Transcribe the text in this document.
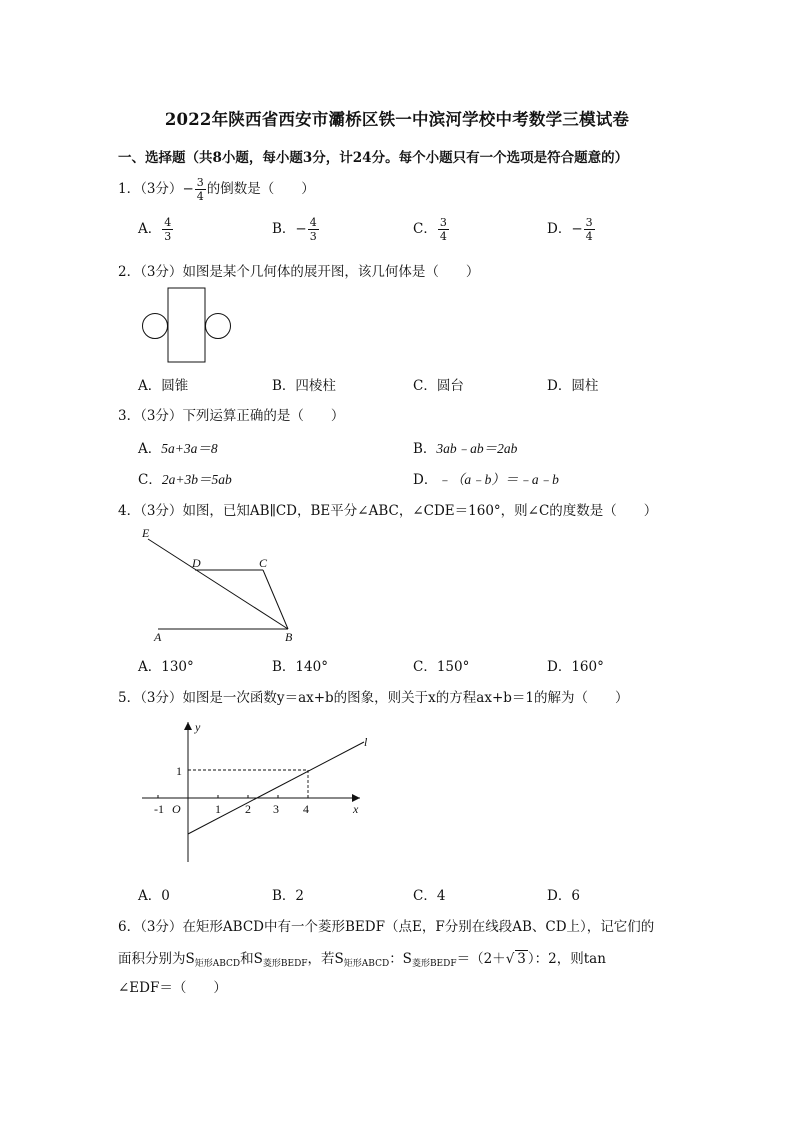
2022年陕西省西安市灞桥区铁一中滨河学校中考数学三模试卷
一、选择题（共8小题，每小题3分，计24分。每个小题只有一个选项是符合题意的）
1．（3分）− $\frac{3}{4}$ 的倒数是（　　）
A． $\frac{4}{3}$	B．− $\frac{4}{3}$	C． $\frac{3}{4}$	D．− $\frac{3}{4}$
2．（3分）如图是某个几何体的展开图，该几何体是（　　）
A．圆锥	B．四棱柱	C．圆台	D．圆柱
3．（3分）下列运算正确的是（　　）
A．5a+3a＝8	B．3ab﹣ab＝2ab
C．2a+3b＝5ab	D．﹣（a﹣b）＝﹣a﹣b
4．（3分）如图，已知AB∥CD，BE平分∠ABC，∠CDE＝160°，则∠C的度数是（　　）
E
D	C
A	B
A．130°	B．140°	C．150°	D．160°
5．（3分）如图是一次函数y＝ax+b的图象，则关于x的方程ax+b＝1的解为（　　）
y
x
O
l
-1	1 2 3 4
1
A．0	B．2	C．4	D．6
6．（3分）在矩形ABCD中有一个菱形BEDF（点E，F分别在线段AB、CD上），记它们的
面积分别为$S_{矩形ABCD}$和$S_{菱形BEDF}$，若$S_{矩形ABCD}$：$S_{菱形BEDF}=(2+√$ 3 ）：2，则tan
∠EDF＝（　　）
